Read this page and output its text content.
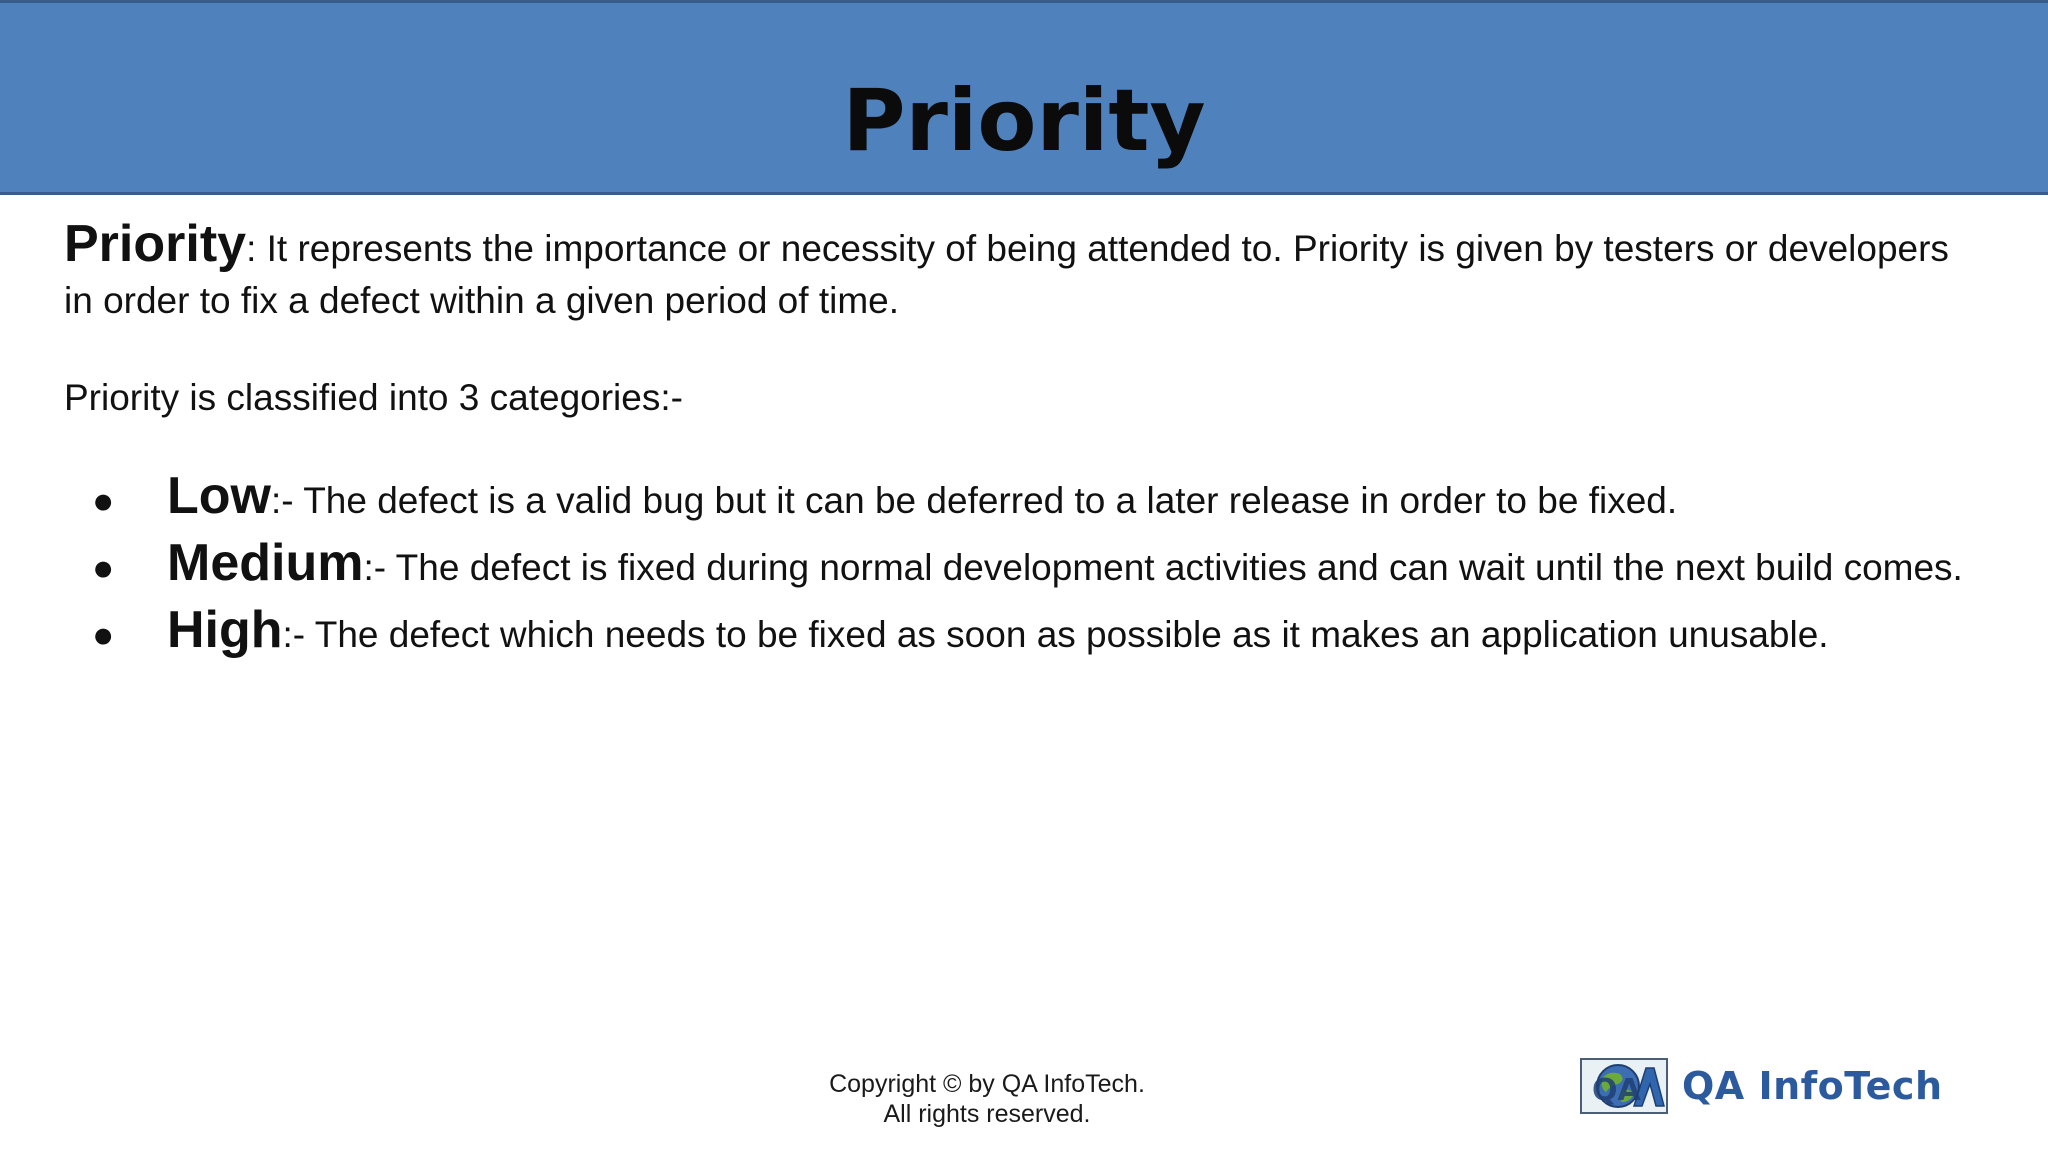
Priority

Priority: It represents the importance or necessity of being attended to. Priority is given by testers or developers in order to fix a defect within a given period of time.

Priority is classified into 3 categories:-

● Low:- The defect is a valid bug but it can be deferred to a later release in order to be fixed.
● Medium:- The defect is fixed during normal development activities and can wait until the next build comes.
● High:- The defect which needs to be fixed as soon as possible as it makes an application unusable.
Copyright © by QA InfoTech.
All rights reserved.
QA QA InfoTech
